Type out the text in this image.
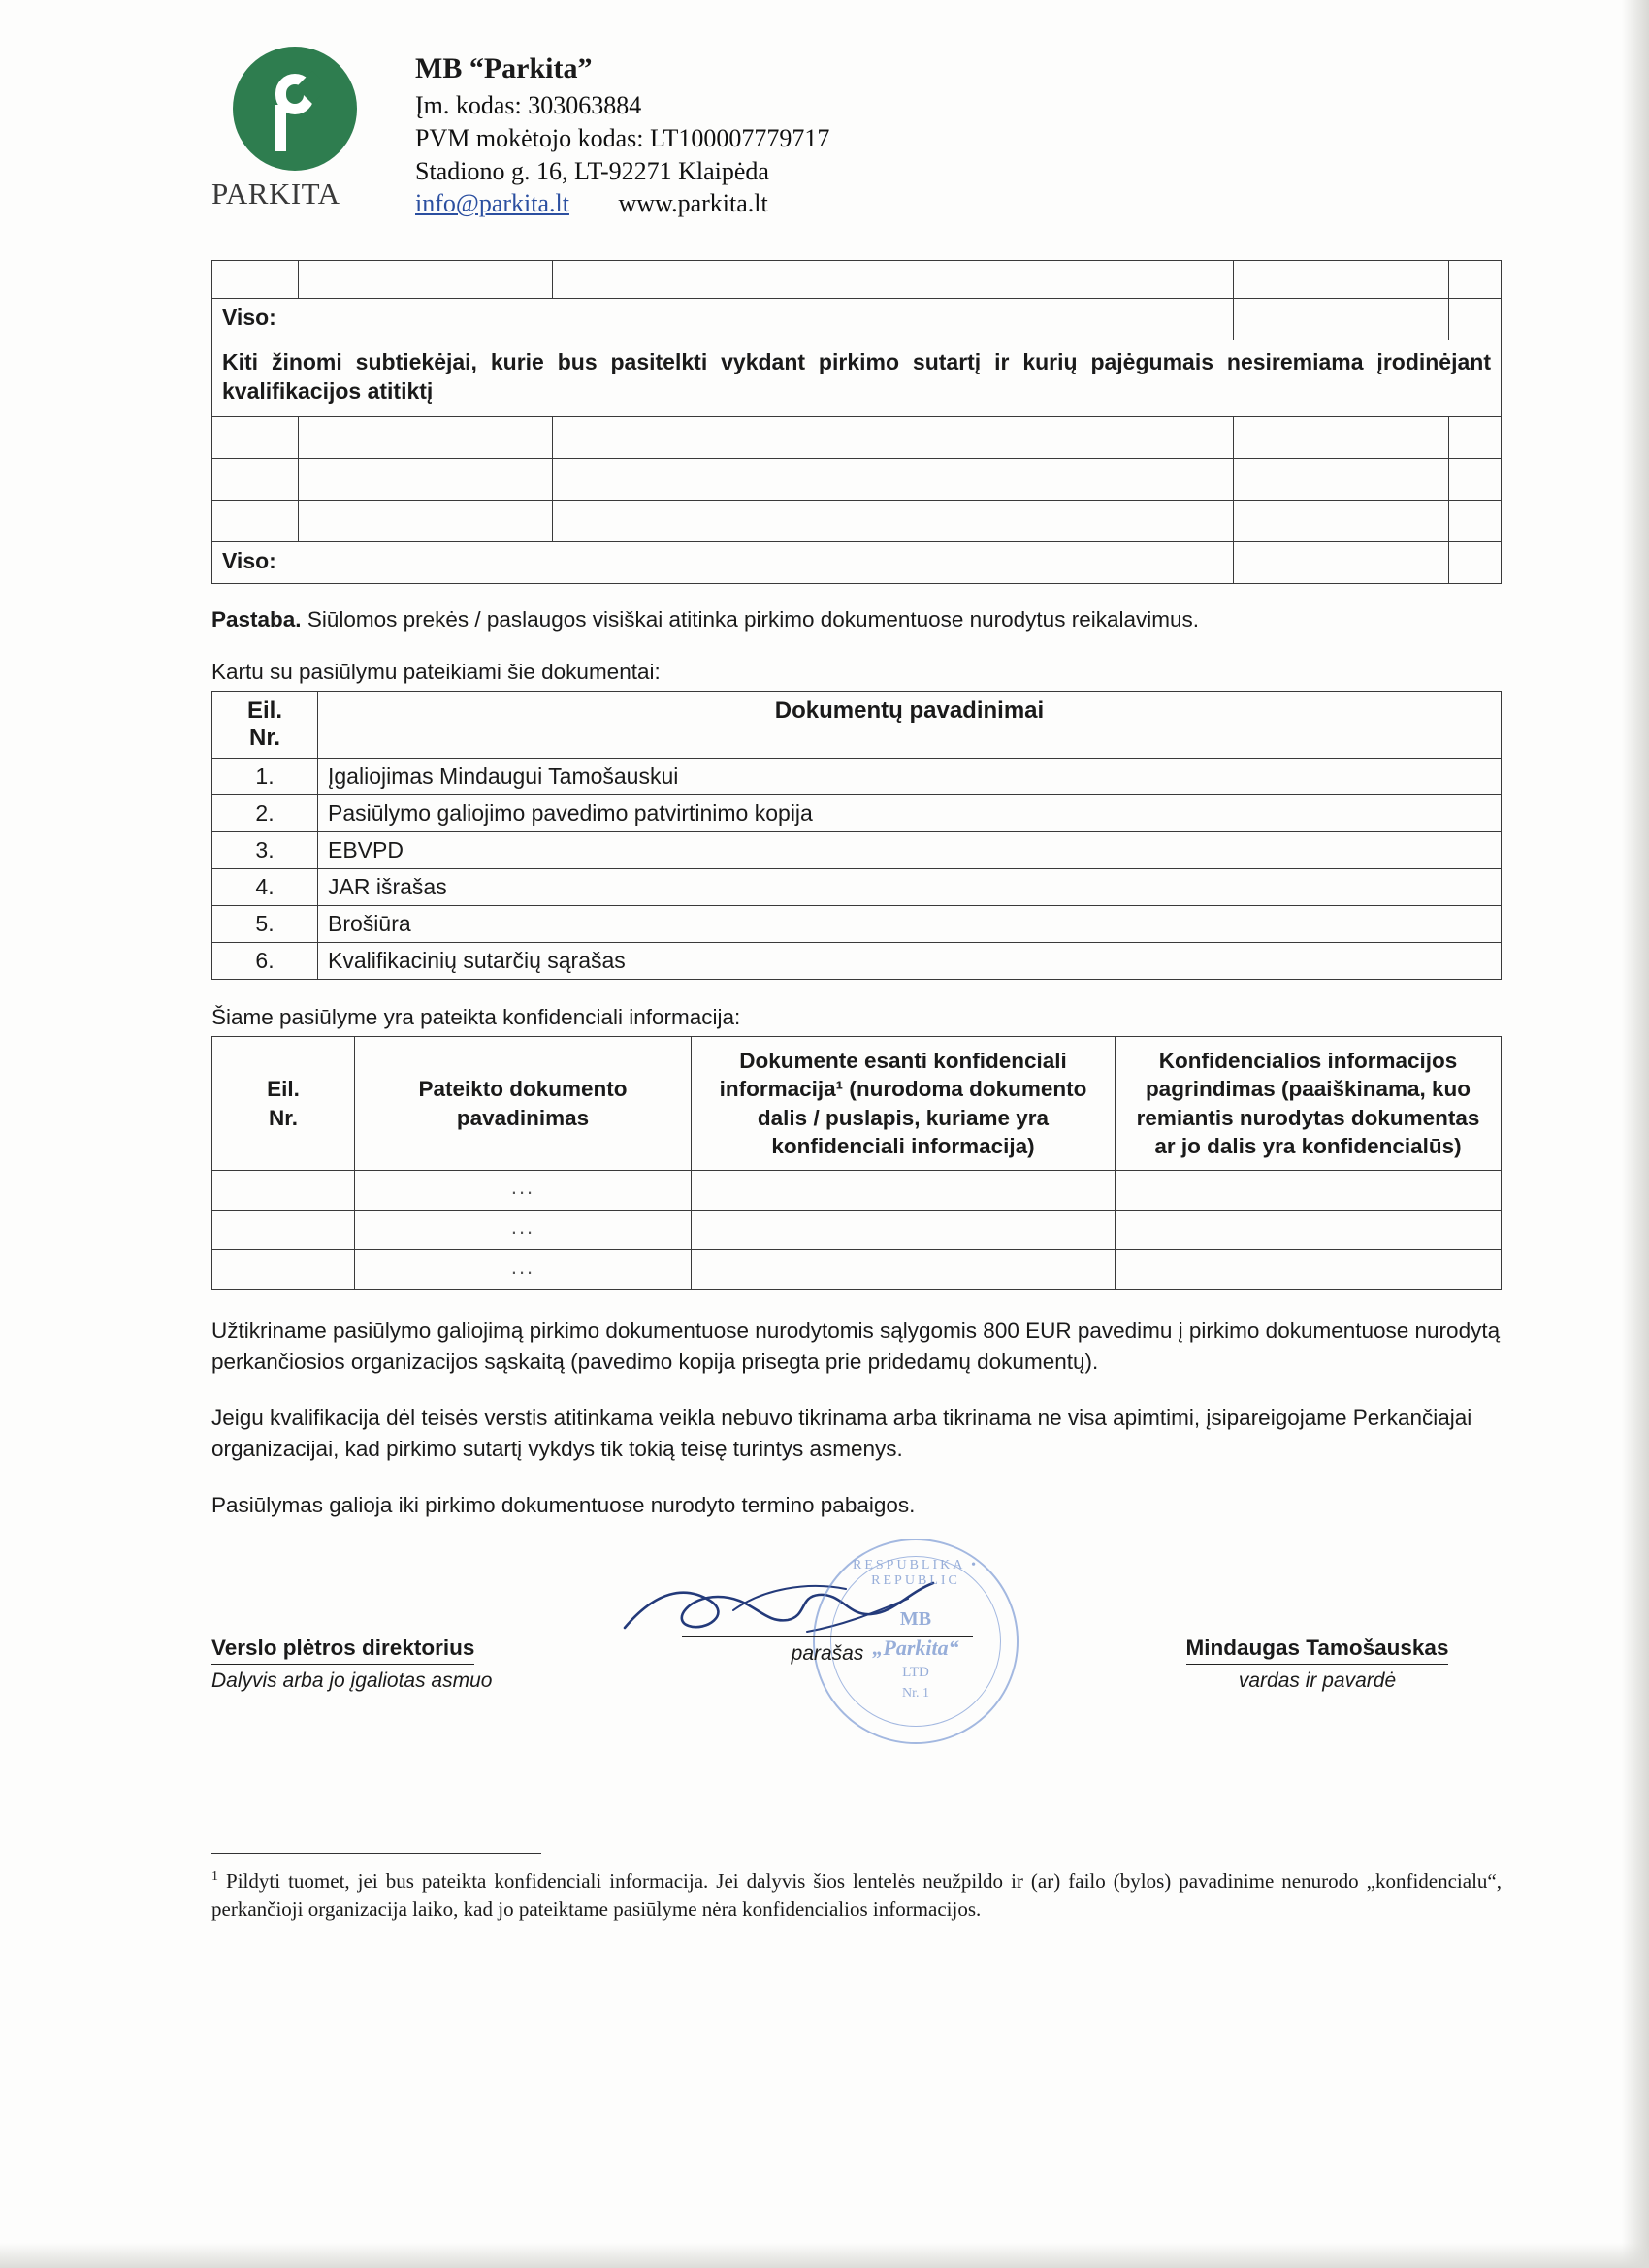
PARKITA
MB “Parkita”
Įm. kodas: 303063884
PVM mokėtojo kodas: LT100007779717
Stadiono g. 16, LT-92271 Klaipėda
info@parkita.lt www.parkita.lt

Viso:					
Kiti žinomi subtiekėjai, kurie bus pasitelkti vykdant pirkimo sutartį ir kurių pajėgumais nesiremiama įrodinėjant kvalifikacijos atitiktį					

Viso:					
Pastaba. Siūlomos prekės / paslaugos visiškai atitinka pirkimo dokumentuose nurodytus reikalavimus.
Kartu su pasiūlymu pateikiami šie dokumentai:
Eil.
Nr.	Dokumentų pavadinimai
1.	Įgaliojimas Mindaugui Tamošauskui
2.	Pasiūlymo galiojimo pavedimo patvirtinimo kopija
3.	EBVPD
4.	JAR išrašas
5.	Brošiūra
6.	Kvalifikacinių sutarčių sąrašas
Šiame pasiūlyme yra pateikta konfidenciali informacija:
Eil.
Nr.	Pateikto dokumento pavadinimas	Dokumente esanti konfidenciali informacija¹ (nurodoma dokumento dalis / puslapis, kuriame yra konfidenciali informacija)	Konfidencialios informacijos pagrindimas (paaiškinama, kuo remiantis nurodytas dokumentas ar jo dalis yra konfidencialūs)
	...		
	...		
	...		
Užtikriname pasiūlymo galiojimą pirkimo dokumentuose nurodytomis sąlygomis 800 EUR pavedimu į pirkimo dokumentuose nurodytą perkančiosios organizacijos sąskaitą (pavedimo kopija prisegta prie pridedamų dokumentų).
Jeigu kvalifikacija dėl teisės verstis atitinkama veikla nebuvo tikrinama arba tikrinama ne visa apimtimi, įsipareigojame Perkančiajai organizacijai, kad pirkimo sutartį vykdys tik tokią teisę turintys asmenys.
Pasiūlymas galioja iki pirkimo dokumentuose nurodyto termino pabaigos.
RESPUBLIKA • REPUBLIC
MB
„Parkita“
LTD
Nr. 1
Verslo plėtros direktorius
Dalyvis arba jo įgaliotas asmuo
parašas	Mindaugas Tamošauskas
vardas ir pavardė
$^1$ Pildyti tuomet, jei bus pateikta konfidenciali informacija. Jei dalyvis šios lentelės neužpildo ir (ar) failo (bylos) pavadinime nenurodo „konfidencialu“, perkančioji organizacija laiko, kad jo pateiktame pasiūlyme nėra konfidencialios informacijos.
